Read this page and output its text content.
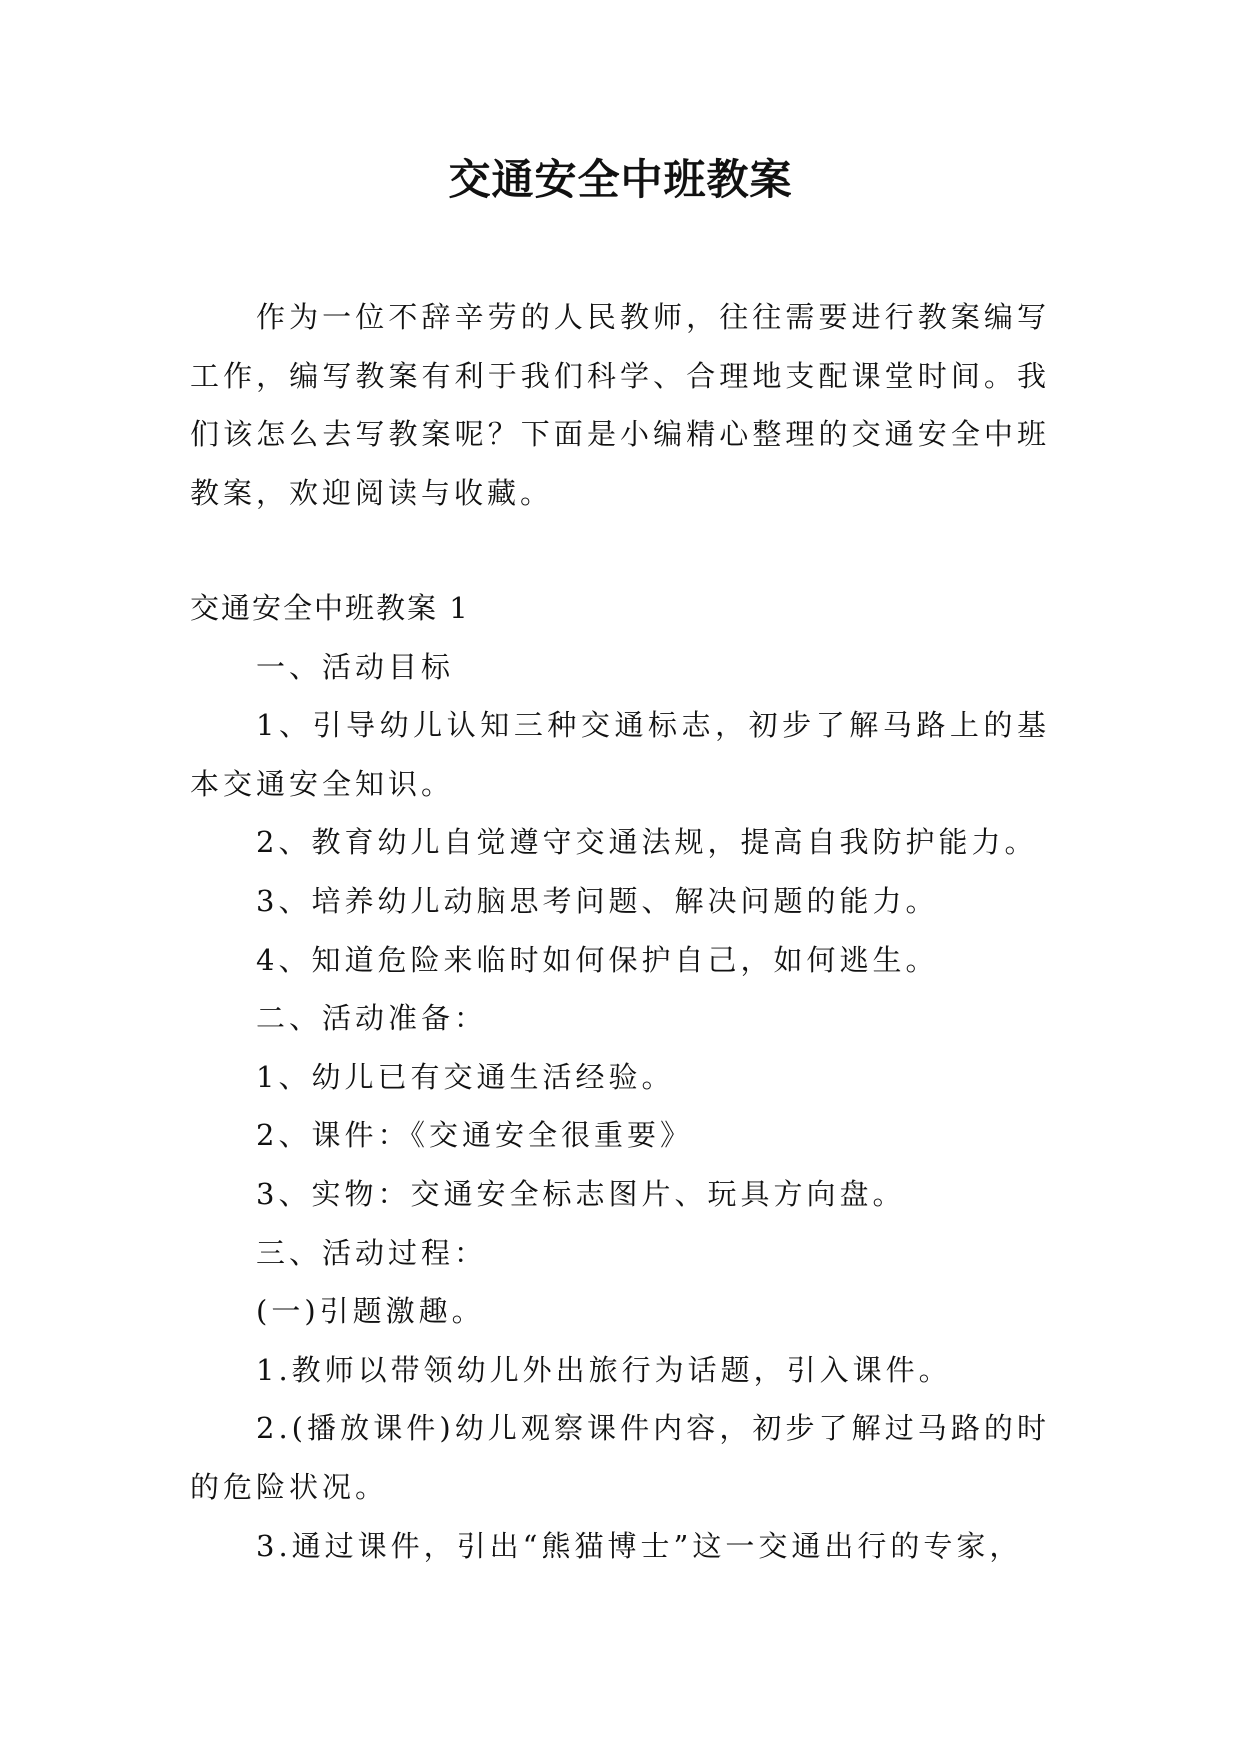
交通安全中班教案

作为一位不辞辛劳的人民教师，往往需要进行教案编写工作，编写教案有利于我们科学、合理地支配课堂时间。我们该怎么去写教案呢？下面是小编精心整理的交通安全中班教案，欢迎阅读与收藏。

交通安全中班教案 1

一、活动目标

1、引导幼儿认知三种交通标志，初步了解马路上的基本交通安全知识。

2、教育幼儿自觉遵守交通法规，提高自我防护能力。

3、培养幼儿动脑思考问题、解决问题的能力。

4、知道危险来临时如何保护自己，如何逃生。

二、活动准备：

1、幼儿已有交通生活经验。

2、课件：《交通安全很重要》

3、实物：交通安全标志图片、玩具方向盘。

三、活动过程：

(一)引题激趣。

1.教师以带领幼儿外出旅行为话题，引入课件。

2.(播放课件)幼儿观察课件内容，初步了解过马路的时的危险状况。

3.通过课件，引出“熊猫博士”这一交通出行的专家，
